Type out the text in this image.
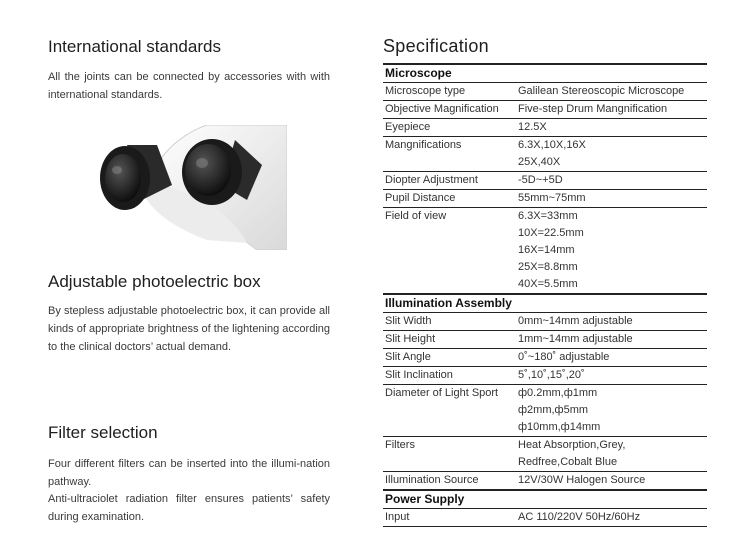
International standards

All the joints can be connected by accessories with with international standards.

Adjustable photoelectric box

By stepless adjustable photoelectric box, it can provide all kinds of appropriate brightness of the lightening according to the clinical doctors’ actual demand.

Filter selection

Four different filters can be inserted into the illumi-nation pathway.

Anti-ultraciolet radiation filter ensures patients’ safety during examination.

Specification
Microscope	
Microscope type	Galilean Stereoscopic Microscope
Objective Magnification	Five-step Drum Mangnification
Eyepiece	12.5X
Mangnifications	6.3X,10X,16X
25X,40X

Diopter Adjustment	-5D~+5D
Pupil Distance	55mm~75mm
Field of view	6.3X=33mm
10X=22.5mm
16X=14mm
25X=8.8mm
40X=5.5mm

Illumination Assembly	
Slit Width	0mm~14mm adjustable
Slit Height	1mm~14mm adjustable
Slit Angle	0˚~180˚ adjustable
Slit Inclination	5˚,10˚,15˚,20˚
Diameter of Light Sport	ф0.2mm,ф1mm
ф2mm,ф5mm
ф10mm,ф14mm

Filters	Heat Absorption,Grey,
Redfree,Cobalt Blue

Illumination Source	12V/30W Halogen Source
Power Supply	
Input	AC 110/220V 50Hz/60Hz
